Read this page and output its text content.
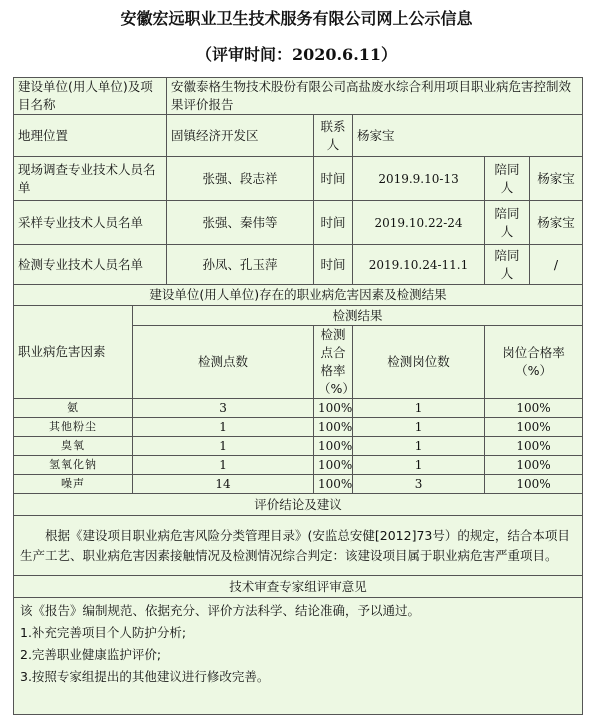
安徽宏远职业卫生技术服务有限公司网上公示信息
（评审时间：2020.6.11）
建设单位(用人单位)及项目名称		安徽泰格生物技术股份有限公司高盐废水综合利用项目职业病危害控制效果评价报告				
地理位置		固镇经济开发区	联系人	杨家宝		
现场调查专业技术人员名单		张强、段志祥	时间	2019.9.10-13	陪同人	杨家宝
采样专业技术人员名单		张强、秦伟等	时间	2019.10.22-24	陪同人	杨家宝
检测专业技术人员名单		孙凤、孔玉萍	时间	2019.10.24-11.1	陪同人	/
建设单位(用人单位)存在的职业病危害因素及检测结果						
职业病危害因素	检测结果					
	检测点数		检测点合格率（%）	检测岗位数	岗位合格率（%）	
氨	3		100%	1	100%	
其他粉尘	1		100%	1	100%	
臭氧	1		100%	1	100%	
氢氧化钠	1		100%	1	100%	
噪声	14		100%	3	100%	
评价结论及建议						
根据《建设项目职业病危害风险分类管理目录》(安监总安健[2012]73号）的规定，结合本项目生产工艺、职业病危害因素接触情况及检测情况综合判定：该建设项目属于职业病危害严重项目。						
技术审查专家组评审意见						

该《报告》编制规范、依据充分、评价方法科学、结论准确，予以通过。
1.补充完善项目个人防护分析;
2.完善职业健康监护评价;
3.按照专家组提出的其他建议进行修改完善。						
